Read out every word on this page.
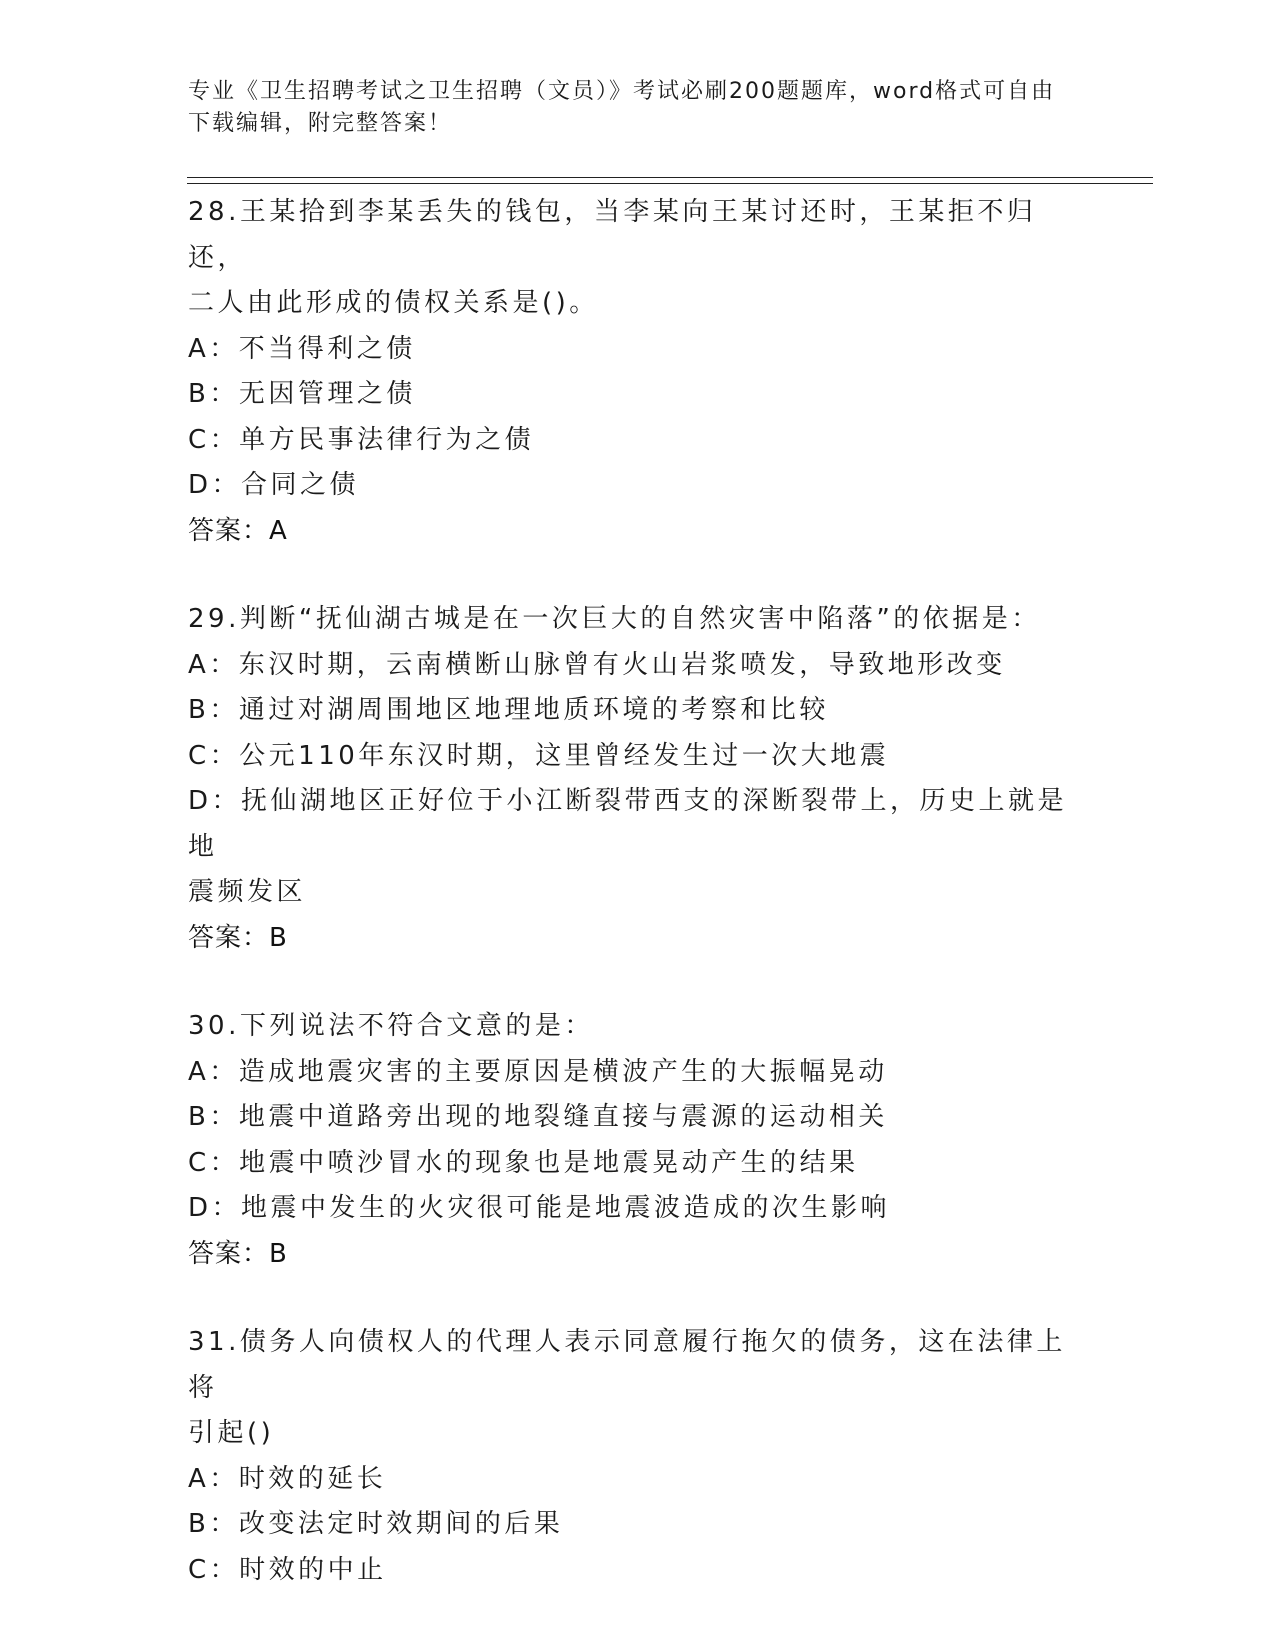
专业《卫生招聘考试之卫生招聘（文员）》考试必刷200题题库，word格式可自由下载编辑，附完整答案！
28.王某拾到李某丢失的钱包，当李某向王某讨还时，王某拒不归还，
二人由此形成的债权关系是()。
A：不当得利之债
B：无因管理之债
C：单方民事法律行为之债
D：合同之债
答案：A
29.判断“抚仙湖古城是在一次巨大的自然灾害中陷落”的依据是：
A：东汉时期，云南横断山脉曾有火山岩浆喷发，导致地形改变
B：通过对湖周围地区地理地质环境的考察和比较
C：公元110年东汉时期，这里曾经发生过一次大地震
D：抚仙湖地区正好位于小江断裂带西支的深断裂带上，历史上就是地
震频发区
答案：B
30.下列说法不符合文意的是：
A：造成地震灾害的主要原因是横波产生的大振幅晃动
B：地震中道路旁出现的地裂缝直接与震源的运动相关
C：地震中喷沙冒水的现象也是地震晃动产生的结果
D：地震中发生的火灾很可能是地震波造成的次生影响
答案：B
31.债务人向债权人的代理人表示同意履行拖欠的债务，这在法律上将
引起()
A：时效的延长
B：改变法定时效期间的后果
C：时效的中止
